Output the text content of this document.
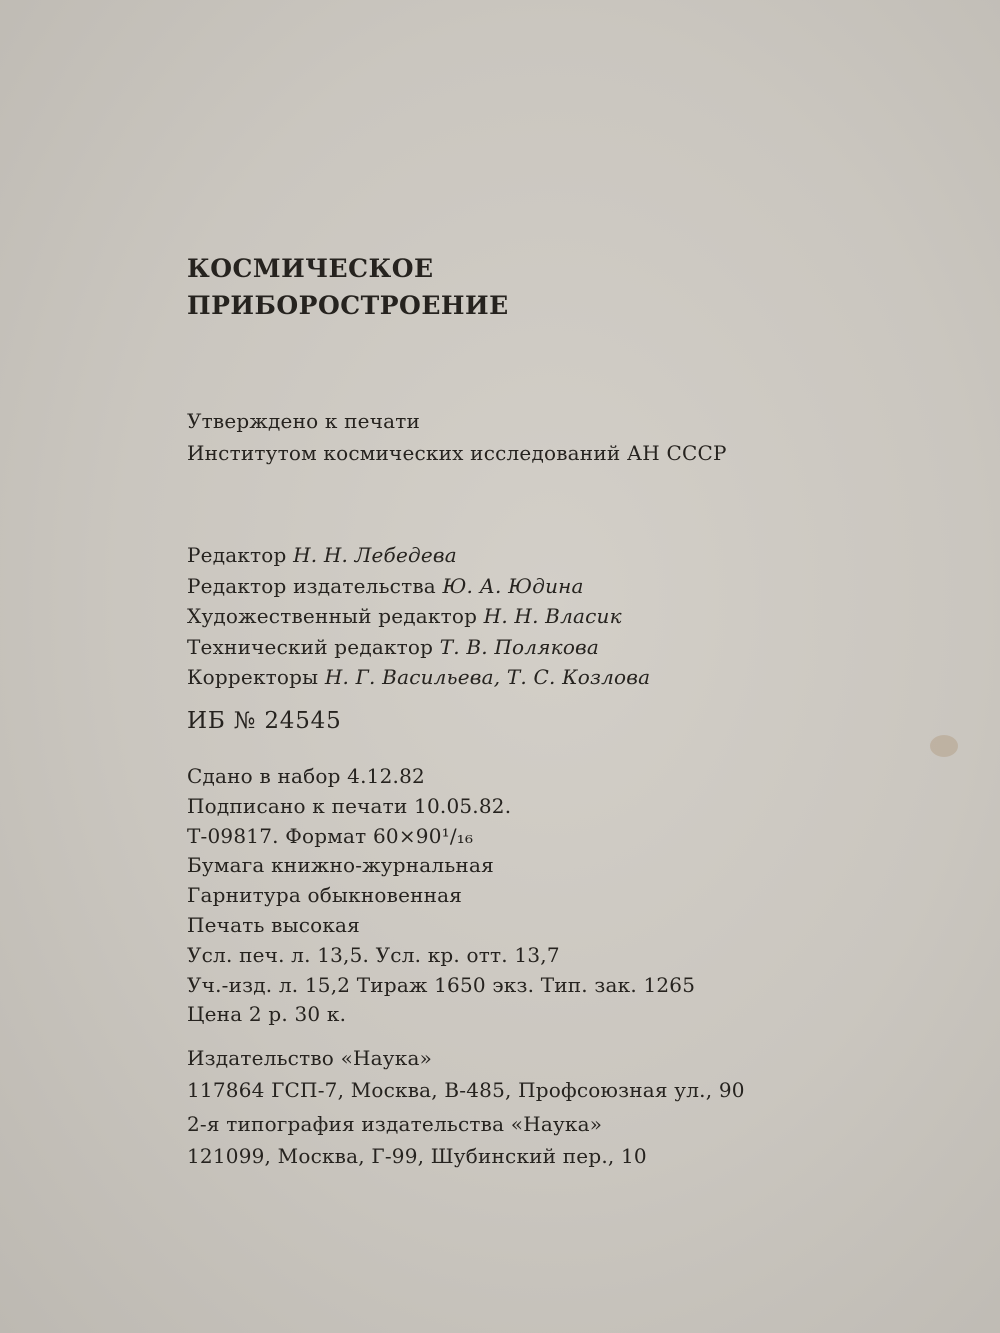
КОСМИЧЕСКОЕ
ПРИБОРОСТРОЕНИЕ
Утверждено к печати
Институтом космических исследований АН СССР
Редактор Н. Н. Лебедева
Редактор издательства Ю. А. Юдина
Художественный редактор Н. Н. Власик
Технический редактор Т. В. Полякова
Корректоры Н. Г. Васильева, Т. С. Козлова
ИБ № 24545
Сдано в набор 4.12.82
Подписано к печати 10.05.82.
Т-09817. Формат 60×90¹/₁₆
Бумага книжно-журнальная
Гарнитура обыкновенная
Печать высокая
Усл. печ. л. 13,5. Усл. кр. отт. 13,7
Уч.-изд. л. 15,2 Тираж 1650 экз. Тип. зак. 1265
Цена 2 р. 30 к.
Издательство «Наука»
117864 ГСП-7, Москва, В-485, Профсоюзная ул., 90
2-я типография издательства «Наука»
121099, Москва, Г-99, Шубинский пер., 10
